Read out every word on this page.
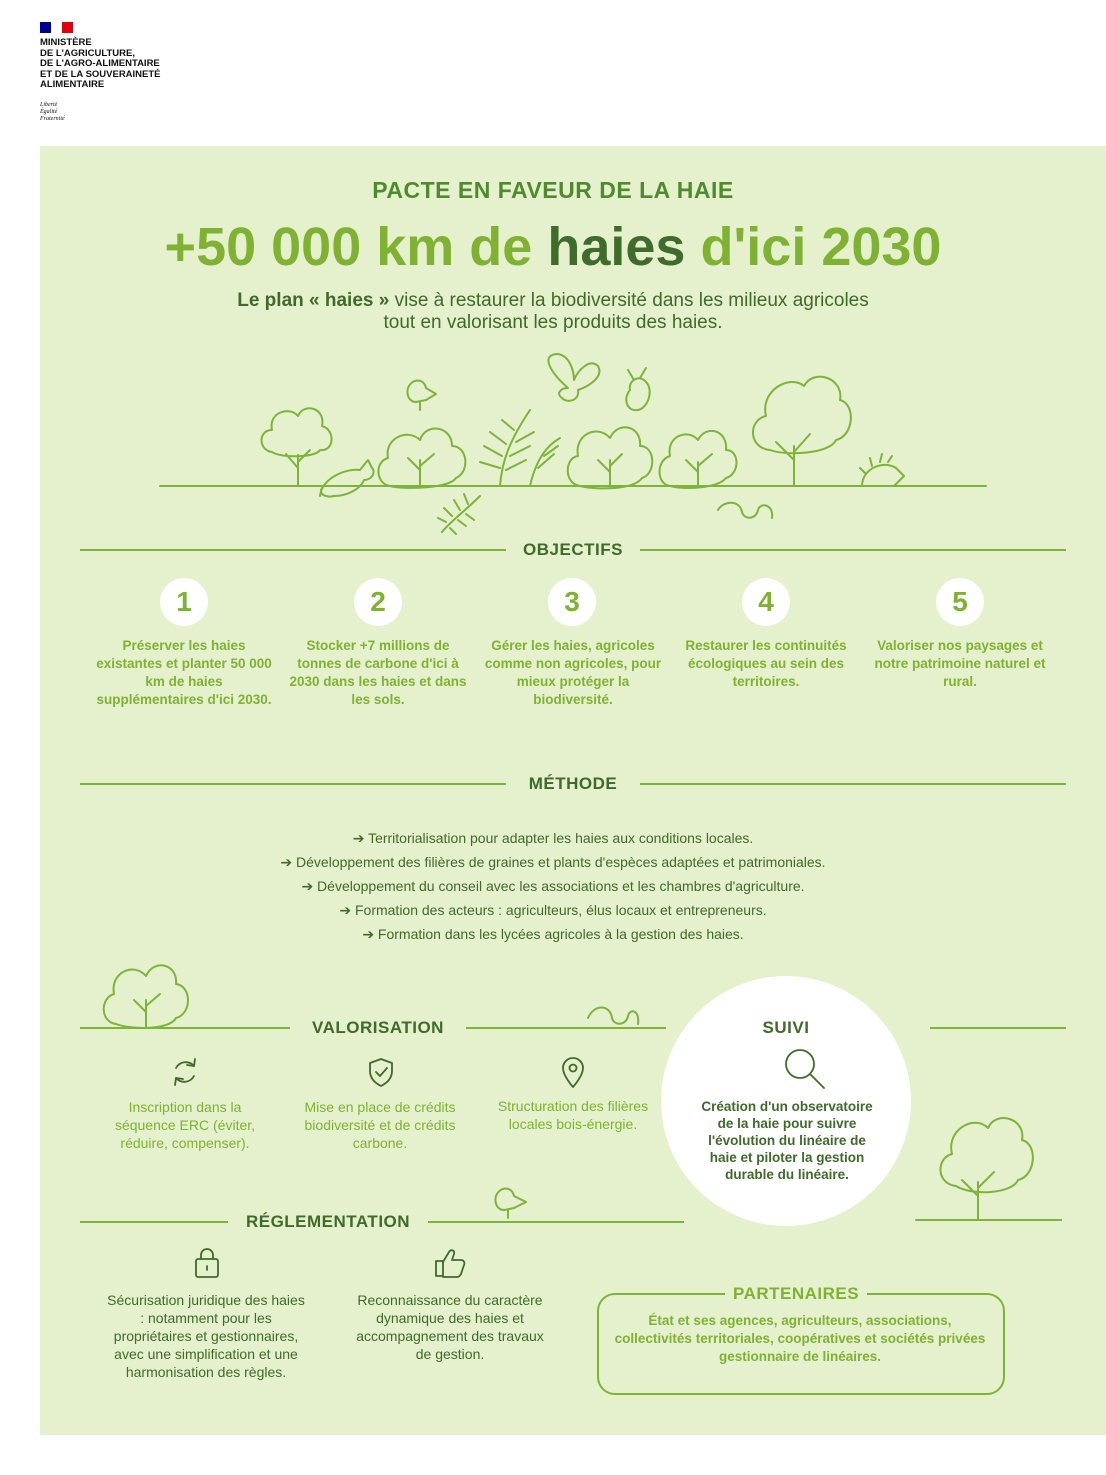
MINISTÈRE
DE L'AGRICULTURE,
DE L'AGRO-ALIMENTAIRE
ET DE LA SOUVERAINETÉ
ALIMENTAIRE
Liberté
Égalité
Fraternité
PACTE EN FAVEUR DE LA HAIE
+50 000 km de haies d'ici 2030
Le plan « haies » vise à restaurer la biodiversité dans les milieux agricoles
tout en valorisant les produits des haies.
OBJECTIFS
1
Préserver les haies existantes et planter 50 000 km de haies supplémentaires d'ici 2030.
2
Stocker +7 millions de tonnes de carbone d'ici à 2030 dans les haies et dans les sols.
3
Gérer les haies, agricoles comme non agricoles, pour mieux protéger la biodiversité.
4
Restaurer les continuités écologiques au sein des territoires.
5
Valoriser nos paysages et notre patrimoine naturel et rural.
MÉTHODE
➔ Territorialisation pour adapter les haies aux conditions locales.
➔ Développement des filières de graines et plants d'espèces adaptées et patrimoniales.
➔ Développement du conseil avec les associations et les chambres d'agriculture.
➔ Formation des acteurs : agriculteurs, élus locaux et entrepreneurs.
➔ Formation dans les lycées agricoles à la gestion des haies.
VALORISATION
Inscription dans la séquence ERC (éviter, réduire, compenser).
Mise en place de crédits biodiversité et de crédits carbone.
Structuration des filières locales bois-énergie.
SUIVI
Création d'un observatoire de la haie pour suivre l'évolution du linéaire de haie et piloter la gestion durable du linéaire.
RÉGLEMENTATION
Sécurisation juridique des haies : notamment pour les propriétaires et gestionnaires, avec une simplification et une harmonisation des règles.
Reconnaissance du caractère dynamique des haies et accompagnement des travaux de gestion.
PARTENAIRES
État et ses agences, agriculteurs, associations, collectivités territoriales, coopératives et sociétés privées gestionnaire de linéaires.
